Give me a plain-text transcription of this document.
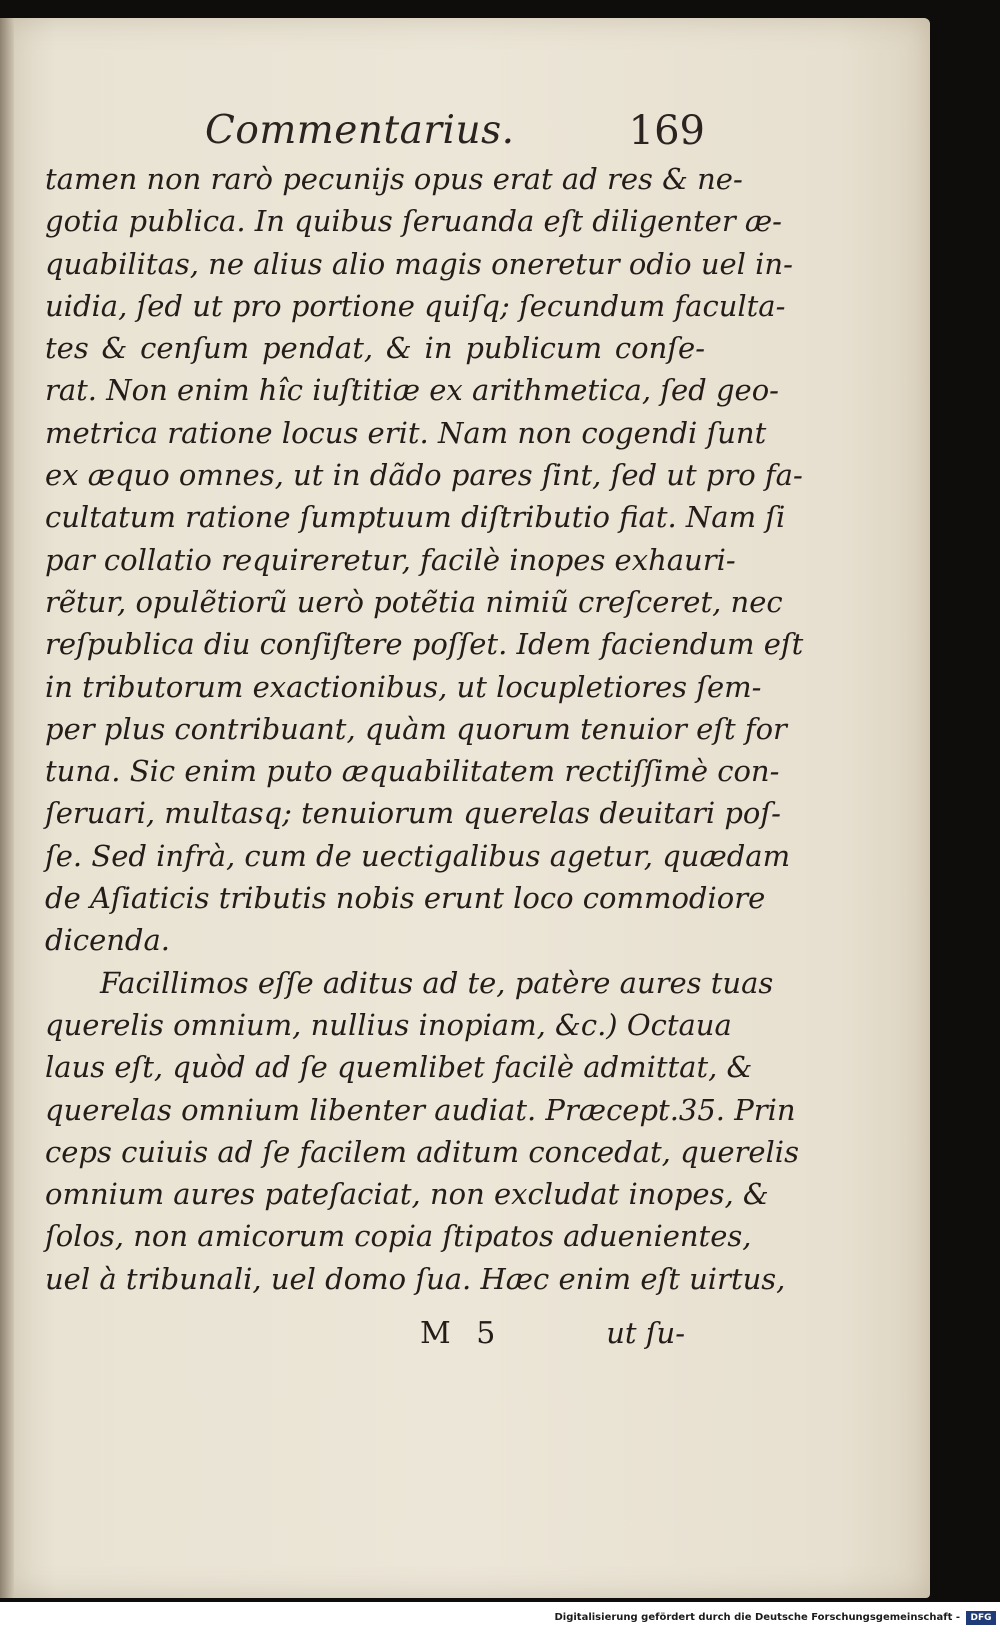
Commentarius.	169
tamen non rarò pecunijs opus erat ad res & ne-
gotia publica. In quibus ſeruanda eſt diligenter æ-
quabilitas, ne alius alio magis oneretur odio uel in-
uidia, ſed ut pro portione quiſq; ſecundum faculta-
tes & cenſum pendat, & in publicum conſe-
rat. Non enim hîc iuſtitiæ ex arithmetica, ſed geo-
metrica ratione locus erit. Nam non cogendi ſunt
ex æquo omnes, ut in dãdo pares ſint, ſed ut pro fa-
cultatum ratione ſumptuum diſtributio fiat. Nam ſi
par collatio requireretur, facilè inopes exhauri-
rẽtur, opulẽtiorũ uerò potẽtia nimiũ creſceret, nec
reſpublica diu conſiſtere poſſet. Idem faciendum eſt
in tributorum exactionibus, ut locupletiores ſem-
per plus contribuant, quàm quorum tenuior eſt for
tuna. Sic enim puto æquabilitatem rectiſſimè con-
ſeruari, multasq; tenuiorum querelas deuitari poſ-
ſe. Sed infrà, cum de uectigalibus agetur, quædam
de Aſiaticis tributis nobis erunt loco commodiore
dicenda.
Facillimos eſſe aditus ad te, patère aures tuas
querelis omnium, nullius inopiam, &c.) Octaua
laus eſt, quòd ad ſe quemlibet facilè admittat, &
querelas omnium libenter audiat. Præcept.35. Prin
ceps cuiuis ad ſe facilem aditum concedat, querelis
omnium aures pateſaciat, non excludat inopes, &
ſolos, non amicorum copia ſtipatos aduenientes,
uel à tribunali, uel domo ſua. Hæc enim eſt uirtus,
M 5	ut ſu-
Digitalisierung gefördert durch die Deutsche Forschungsgemeinschaft -	DFG
